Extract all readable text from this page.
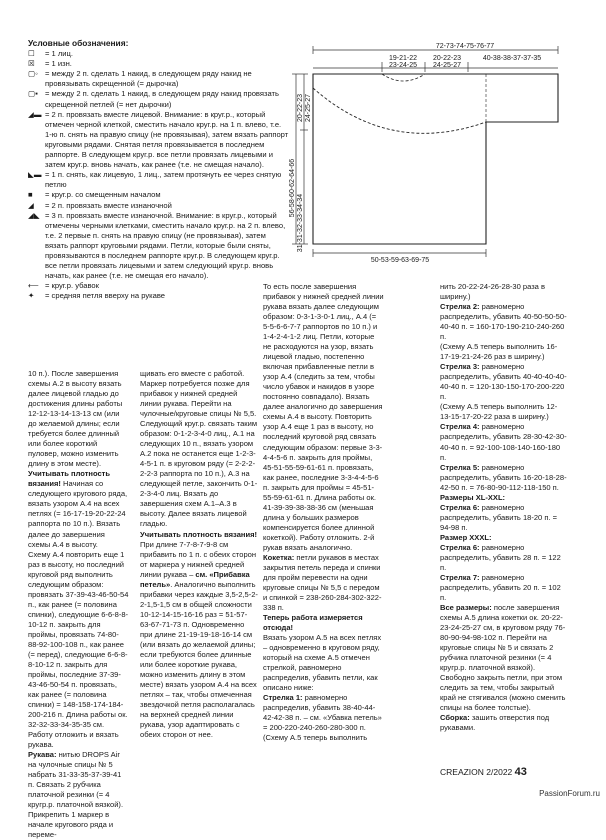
Условные обозначения:
☐	= 1 лиц.
☒	= 1 изн.
▢◦ = между 2 п. сделать 1 накид, в следующем ряду накид не провязывать скрещенной (= дырочка)
▢▪ = между 2 п. сделать 1 накид, в следующем ряду накид провязать скрещенной петлей (= нет дырочки)
◢▬ = 2 п. провязать вместе лицевой. Внимание: в круг.р., который отмечен черной клеткой, сместить начало круг.р. на 1 п. влево, т.е. 1-ю п. снять на правую спицу (не провязывая), затем вязать раппорт круговыми рядами. Снятая петля провязывается в последнем раппорте. В следующем круг.р. все петли провязать лицевыми и затем круг.р. вновь начать, как ранее (т.е. не смещая начало).
◣▬ = 1 п. снять, как лицевую, 1 лиц., затем протянуть ее через снятую петлю
■	= круг.р. со смещенным началом
◢	= 2 п. провязать вместе изнаночной
◢◣ = 3 п. провязать вместе изнаночной. Внимание: в круг.р., который отмечены черными клетками, сместить начало круг.р. на 2 п. влево, т.е. 2 первые п. снять на правую спицу (не провязывая), затем вязать раппорт круговыми рядами. Петли, которые были сняты, провязываются в последнем раппорте круг.р. В следующем круг.р. все петли провязать лицевыми и затем следующий круг.р. вновь начать, как ранее (т.е. не смещая его начало).
⟵ = круг.р. убавок
✦	= средняя петля вверху на рукаве
72-73-74-75-76-77
19-21-22
23-24-25
20-22-23
24-25-27
40-38-38-37-37-35
56-58-60-62-64-66
31-31-32-33-34-34
20-22-23 24-25-27
50-53-59-63-69-75

10 п.). После завершения схемы А.2 в высоту вязать далее лицевой гладью до достижения длины работы 12-12-13-14-13-13 см (или до желаемой длины; если требуется более длинный или более короткий пуловер, можно изменить длину в этом месте).

Учитывать плотность вязания! Начиная со следующего кругового ряда, вязать узором А.4 на всех петлях (= 16-17-19-20-22-24 раппорта по 10 п.). Вязать далее до завершения схемы А.4 в высоту.

Схему А.4 повторить еще 1 раз в высоту, но последний круговой ряд выполнить следующим образом: провязать 37-39-43-46-50-54 п., как ранее (= половина спинки), следующие 6-6-8-8-10-12 п. закрыть для проймы, провязать 74-80-88-92-100-108 п., как ранее (= перед), следующие 6-6-8-8-10-12 п. закрыть для проймы, последние 37-39-43-46-50-54 п. провязать, как ранее (= половина спинки) = 148-158-174-184-200-216 п. Длина работы ок. 32-32-33-34-35-35 см. Работу отложить и вязать рукава.

Рукава: нитью DROPS Air на чулочные спицы № 5 набрать 31-33-35-37-39-41 п. Связать 2 рубчика платочной резинки (= 4 кругр.р. платочной вязкой). Прикрепить 1 маркер в начале кругового ряда и переме-

щивать его вместе с работой. Маркер потребуется позже для прибавок у нижней средней линии рукава. Перейти на чулочные/круговые спицы № 5,5.

Следующий круг.р. связать таким образом: 0-1-2-3-4-0 лиц., А.1 на следующих 10 п., вязать узором А.2 пока не останется еще 1-2-3-4-5-1 п. в круговом ряду (= 2-2-2-2-2-3 раппорта по 10 п.), А.3 на следующей петле, закончить 0-1-2-3-4-0 лиц. Вязать до завершения схем А.1–А.3 в высоту. Далее вязать лицевой гладью.

Учитывать плотность вязания!

При длине 7-7-8-7-9-8 см прибавить по 1 п. с обеих сторон от маркера у нижней средней линии рукава – см. «Прибавка петель». Аналогично выполнить прибавки через каждые 3,5-2,5-2-2-1,5-1,5 см в общей сложности 10-12-14-15-16-16 раз = 51-57-63-67-71-73 п. Одновременно при длине 21-19-19-18-16-14 см (или вязать до желаемой длины; если требуются более длинные или более короткие рукава, можно изменить длину в этом месте) вязать узором А.4 на всех петлях – так, чтобы отмеченная звездочкой петля располагалась на верхней средней линии рукава, узор адаптировать с обеих сторон от нее.

То есть после завершения прибавок у нижней средней линии рукава вязать далее следующим образом: 0-3-1-3-0-1 лиц., А.4 (= 5-5-6-6-7-7 раппортов по 10 п.) и 1-4-2-4-1-2 лиц. Петли, которые не расходуются на узор, вязать лицевой гладью, постепенно включая прибавленные петли в узор А.4 (следить за тем, чтобы число убавок и накидов в узоре постоянно совпадало). Вязать далее аналогично до завершения схемы А.4 в высоту. Повторить узор А.4 еще 1 раз в высоту, но последний круговой ряд связать следующим образом: первые 3-3-4-4-5-6 п. закрыть для проймы, 45-51-55-59-61-61 п. провязать, как ранее, последние 3-3-4-4-5-6 п. закрыть для проймы = 45-51-55-59-61-61 п. Длина работы ок. 41-39-39-38-38-36 см (меньшая длина у больших размеров компенсируется более длинной кокеткой). Работу отложить. 2-й рукав вязать аналогично.

Кокетка: петли рукавов в местах закрытия петель переда и спинки для пройм перевести на одни круговые спицы № 5,5 с передом и спинкой = 238-260-284-302-322-338 п.

Теперь работа измеряется отсюда!

Вязать узором А.5 на всех петлях – одновременно в круговом ряду, который на схеме А.5 отмечен стрелкой, равномерно распределив, убавить петли, как описано ниже:

Стрелка 1: равномерно распределив, убавить 38-40-44-42-42-38 п. – см. «Убавка петель» = 200-220-240-260-280-300 п.

(Схему А.5 теперь выполнить

нить 20-22-24-26-28-30 раза в ширину.)

Стрелка 2: равномерно распределить, убавить 40-50-50-50-40-40 п. = 160-170-190-210-240-260 п.

(Схему А.5 теперь выполнить 16-17-19-21-24-26 раз в ширину.)

Стрелка 3: равномерно распределить, убавить 40-40-40-40-40-40 п. = 120-130-150-170-200-220 п.

(Схему А.5 теперь выполнить 12-13-15-17-20-22 раза в ширину.)

Стрелка 4: равномерно распределить, убавить 28-30-42-30-40-40 п. = 92-100-108-140-160-180 п.

Стрелка 5: равномерно распределить, убавить 16-20-18-28-42-50 п. = 76-80-90-112-118-150 п.

Размеры XL-XXL:

Стрелка 6: равномерно распределить, убавить 18-20 п. = 94-98 п.

Размер XXXL:

Стрелка 6: равномерно распределить, убавить 28 п. = 122 п.

Стрелка 7: равномерно распределить, убавить 20 п. = 102 п.

Все размеры: после завершения схемы А.5 длина кокетки ок. 20-22-23-24-25-27 см, в круговом ряду 76-80-90-94-98-102 п. Перейти на круговые спицы № 5 и связать 2 рубчика платочной резинки (= 4 кругр.р. платочной вязкой). Свободно закрыть петли, при этом следить за тем, чтобы закрытый край не стягивался (можно сменить спицы на более толстые).

Сборка: зашить отверстия под рукавами.

CREAZION 2/2022 43
PassionForum.ru
